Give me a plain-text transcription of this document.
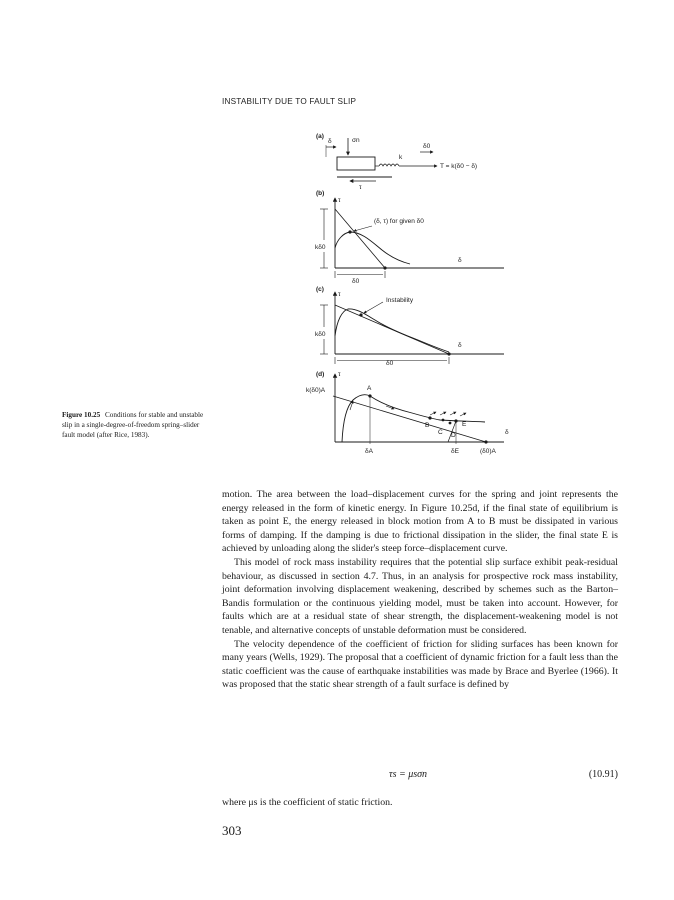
INSTABILITY DUE TO FAULT SLIP
(a)
δ	σn
δ0
k
T = k(δ0 − δ)
τ
(b)
τ
δ
(δ, τ) for given δ0
kδ0
δ0
(c)
τ
δ
Instability
kδ0
δ0
(d) τ
δ
k(δ0)A	A
B
C D
E
δA	δE	(δ0)A
Figure 10.25 Conditions for stable and unstable slip in a single-degree-of-freedom spring–slider fault model (after Rice, 1983).

motion. The area between the load–displacement curves for the spring and joint represents the energy released in the form of kinetic energy. In Figure 10.25d, if the final state of equilibrium is taken as point E, the energy released in block motion from A to B must be dissipated in various forms of damping. If the damping is due to frictional dissipation in the slider, the final state E is achieved by unloading along the slider's steep force–displacement curve.

This model of rock mass instability requires that the potential slip surface exhibit peak-residual behaviour, as discussed in section 4.7. Thus, in an analysis for prospective rock mass instability, joint deformation involving displacement weakening, described by schemes such as the Barton–Bandis formulation or the continuous yielding model, must be taken into account. However, for faults which are at a residual state of shear strength, the displacement-weakening model is not tenable, and alternative concepts of unstable deformation must be considered.

The velocity dependence of the coefficient of friction for sliding surfaces has been known for many years (Wells, 1929). The proposal that a coefficient of dynamic friction for a fault less than the static coefficient was the cause of earthquake instabilities was made by Brace and Byerlee (1966). It was proposed that the static shear strength of a fault surface is defined by

τs = μsσn	(10.91)
where μs is the coefficient of static friction.
303
